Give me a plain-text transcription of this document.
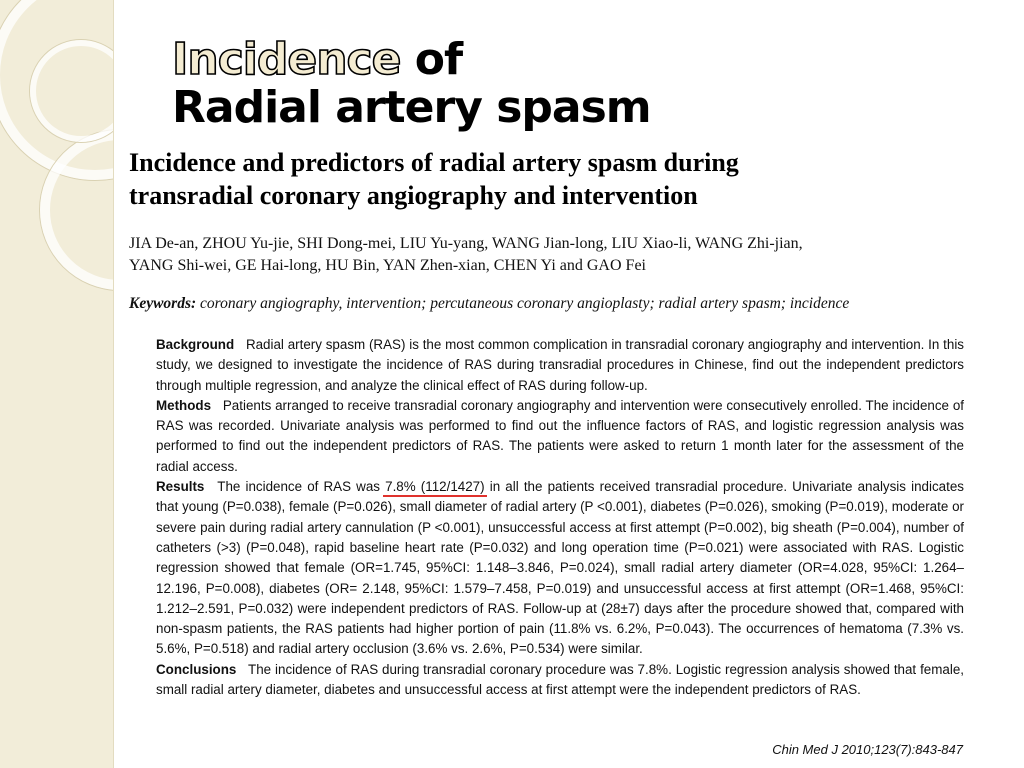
Incidence of
Radial artery spasm
Incidence and predictors of radial artery spasm during
transradial coronary angiography and intervention
JIA De-an, ZHOU Yu-jie, SHI Dong-mei, LIU Yu-yang, WANG Jian-long, LIU Xiao-li, WANG Zhi-jian,
YANG Shi-wei, GE Hai-long, HU Bin, YAN Zhen-xian, CHEN Yi and GAO Fei
Keywords: coronary angiography, intervention; percutaneous coronary angioplasty; radial artery spasm; incidence

Background Radial artery spasm (RAS) is the most common complication in transradial coronary angiography and intervention. In this study, we designed to investigate the incidence of RAS during transradial procedures in Chinese, find out the independent predictors through multiple regression, and analyze the clinical effect of RAS during follow-up.

Methods Patients arranged to receive transradial coronary angiography and intervention were consecutively enrolled. The incidence of RAS was recorded. Univariate analysis was performed to find out the influence factors of RAS, and logistic regression analysis was performed to find out the independent predictors of RAS. The patients were asked to return 1 month later for the assessment of the radial access.

Results The incidence of RAS was 7.8% (112/1427) in all the patients received transradial procedure. Univariate analysis indicates that young (P=0.038), female (P=0.026), small diameter of radial artery (P <0.001), diabetes (P=0.026), smoking (P=0.019), moderate or severe pain during radial artery cannulation (P <0.001), unsuccessful access at first attempt (P=0.002), big sheath (P=0.004), number of catheters (>3) (P=0.048), rapid baseline heart rate (P=0.032) and long operation time (P=0.021) were associated with RAS. Logistic regression showed that female (OR=1.745, 95%CI: 1.148–3.846, P=0.024), small radial artery diameter (OR=4.028, 95%CI: 1.264–12.196, P=0.008), diabetes (OR= 2.148, 95%CI: 1.579–7.458, P=0.019) and unsuccessful access at first attempt (OR=1.468, 95%CI: 1.212–2.591, P=0.032) were independent predictors of RAS. Follow-up at (28±7) days after the procedure showed that, compared with non-spasm patients, the RAS patients had higher portion of pain (11.8% vs. 6.2%, P=0.043). The occurrences of hematoma (7.3% vs. 5.6%, P=0.518) and radial artery occlusion (3.6% vs. 2.6%, P=0.534) were similar.

Conclusions The incidence of RAS during transradial coronary procedure was 7.8%. Logistic regression analysis showed that female, small radial artery diameter, diabetes and unsuccessful access at first attempt were the independent predictors of RAS.

Chin Med J 2010;123(7):843-847
